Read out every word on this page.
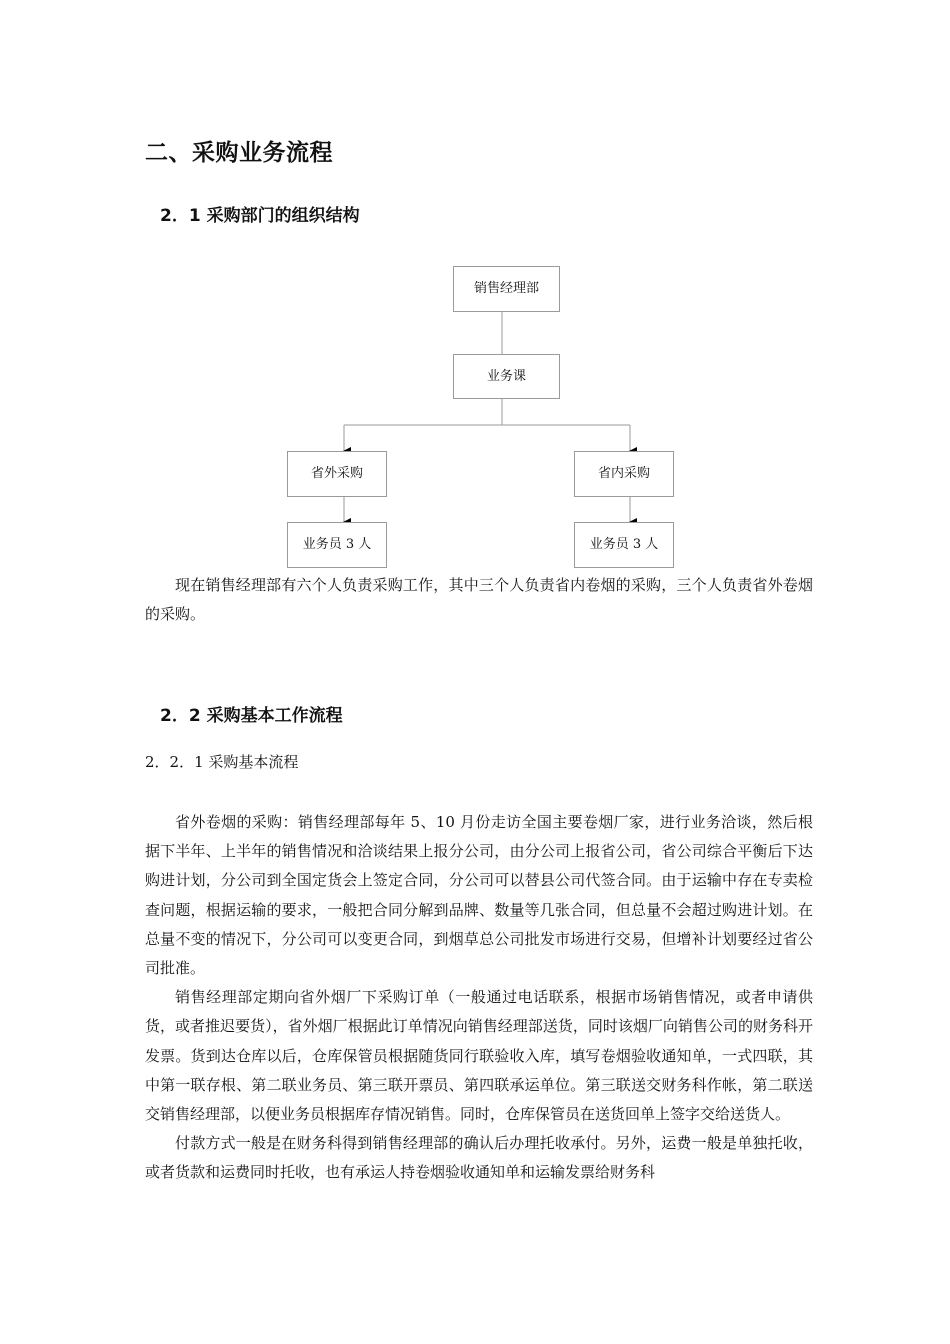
二、采购业务流程
2．1 采购部门的组织结构
销售经理部
业务课
省外采购	省内采购
业务员 3 人	业务员 3 人

现在销售经理部有六个人负责采购工作，其中三个人负责省内卷烟的采购，三个人负责省外卷烟的采购。

2．2 采购基本工作流程
2．2．1 采购基本流程

省外卷烟的采购：销售经理部每年 5、10 月份走访全国主要卷烟厂家，进行业务洽谈，然后根据下半年、上半年的销售情况和洽谈结果上报分公司，由分公司上报省公司，省公司综合平衡后下达购进计划，分公司到全国定货会上签定合同，分公司可以替县公司代签合同。由于运输中存在专卖检查问题，根据运输的要求，一般把合同分解到品牌、数量等几张合同，但总量不会超过购进计划。在总量不变的情况下，分公司可以变更合同，到烟草总公司批发市场进行交易，但增补计划要经过省公司批准。

销售经理部定期向省外烟厂下采购订单（一般通过电话联系，根据市场销售情况，或者申请供货，或者推迟要货），省外烟厂根据此订单情况向销售经理部送货，同时该烟厂向销售公司的财务科开发票。货到达仓库以后，仓库保管员根据随货同行联验收入库，填写卷烟验收通知单，一式四联，其中第一联存根、第二联业务员、第三联开票员、第四联承运单位。第三联送交财务科作帐，第二联送交销售经理部，以便业务员根据库存情况销售。同时，仓库保管员在送货回单上签字交给送货人。

付款方式一般是在财务科得到销售经理部的确认后办理托收承付。另外，运费一般是单独托收，或者货款和运费同时托收，也有承运人持卷烟验收通知单和运输发票给财务科
